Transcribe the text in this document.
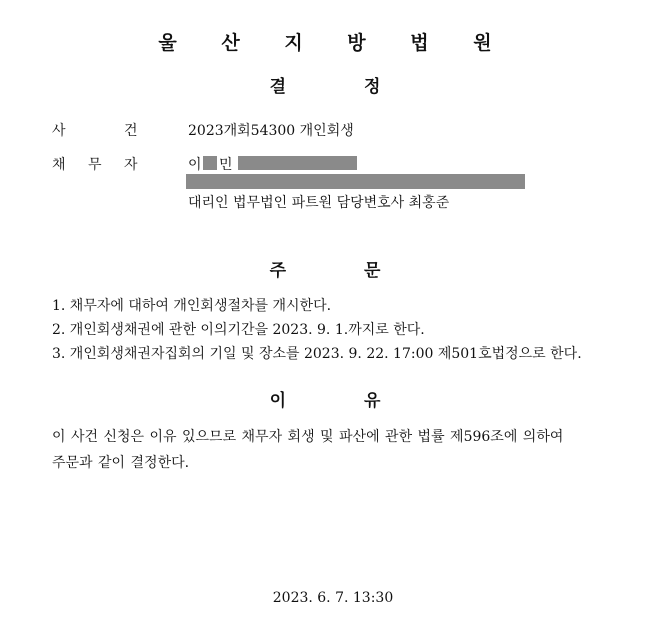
울 산 지 방 법 원
결	정
사	건	2023개회54300 개인회생
채 무 자	이 민
대리인 법무법인 파트원 담당변호사 최홍준
주	문
1. 채무자에 대하여 개인회생절차를 개시한다.
2. 개인회생채권에 관한 이의기간을 2023. 9. 1.까지로 한다.
3. 개인회생채권자집회의 기일 및 장소를 2023. 9. 22. 17:00 제501호법정으로 한다.
이	유
이 사건 신청은 이유 있으므로 채무자 회생 및 파산에 관한 법률 제596조에 의하여
주문과 같이 결정한다.
2023. 6. 7. 13:30
